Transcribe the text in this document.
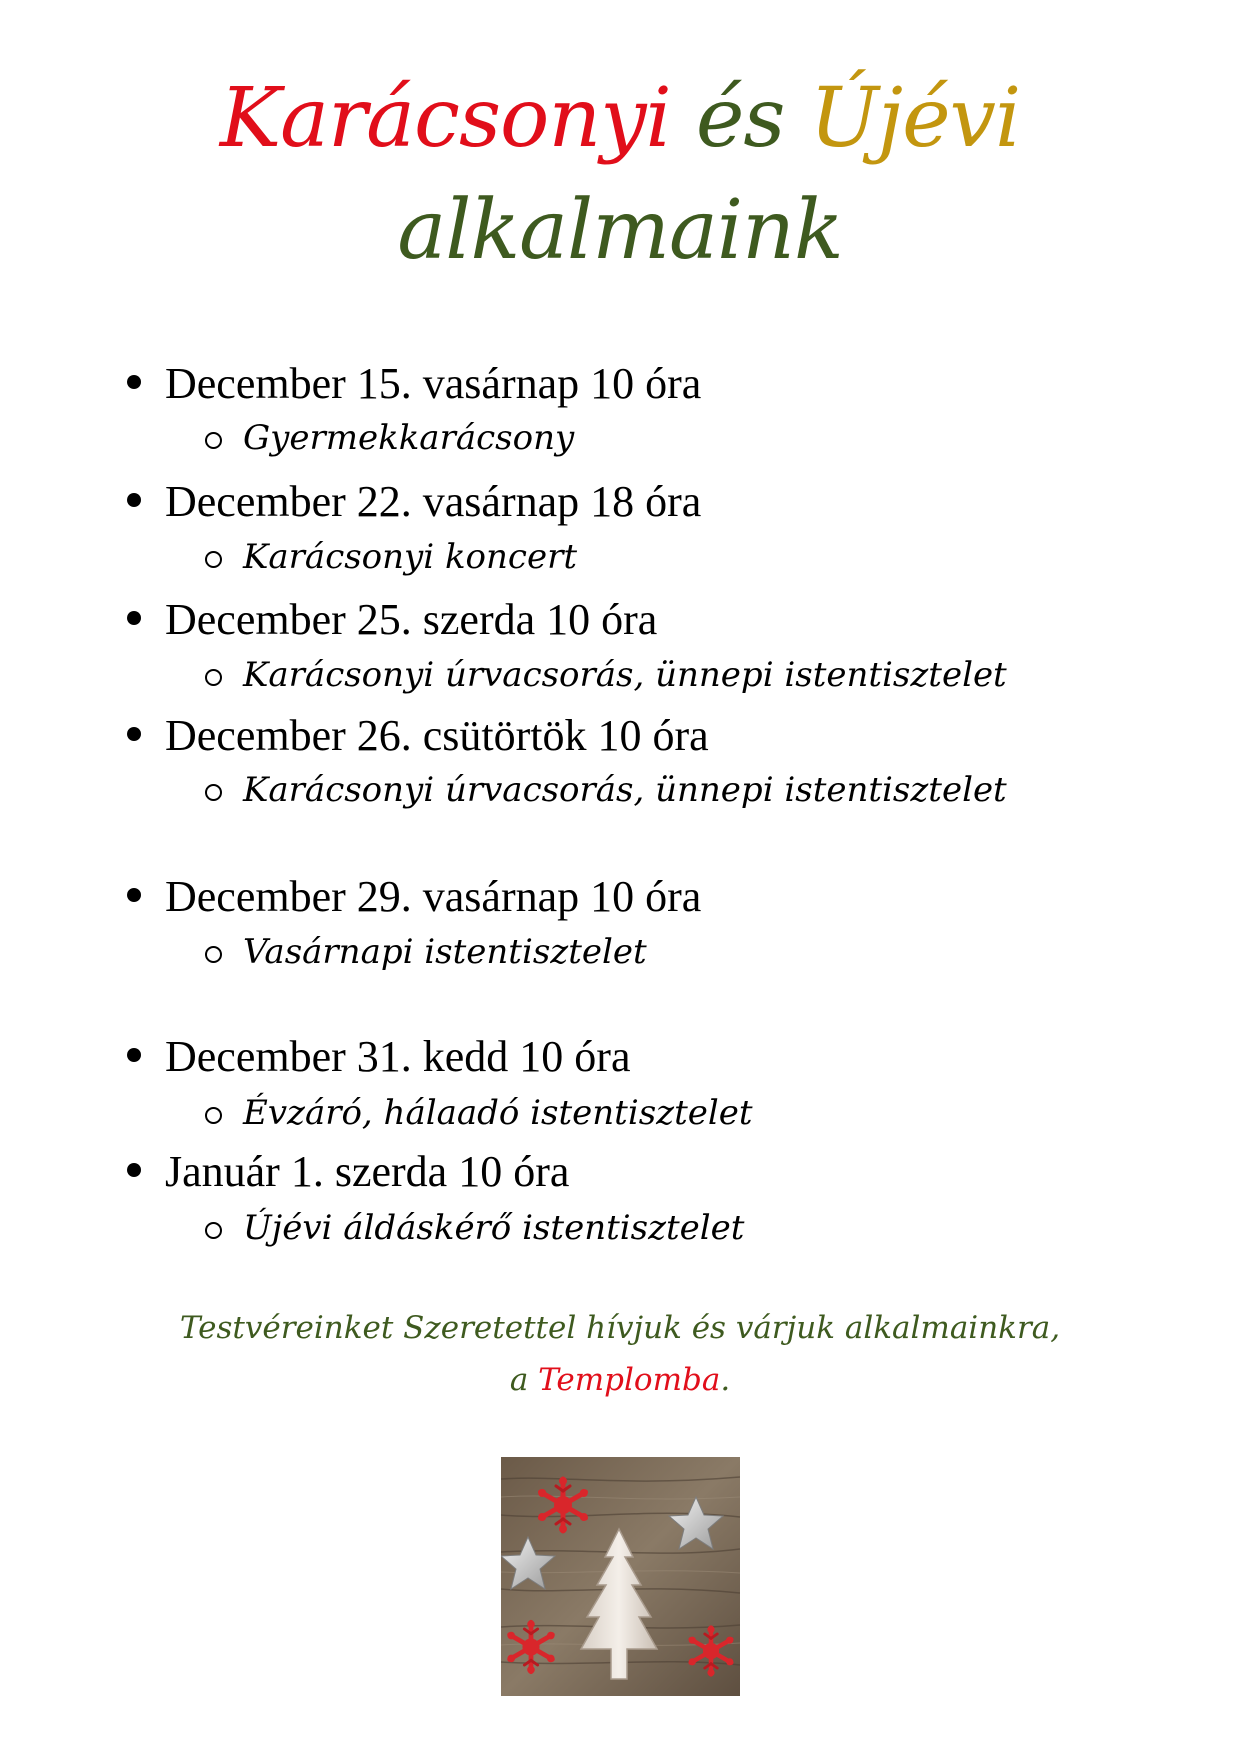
Karácsonyi és Újévi
alkalmaink
December 15. vasárnap 10 óra
Gyermekkarácsony
December 22. vasárnap 18 óra
Karácsonyi koncert
December 25. szerda 10 óra
Karácsonyi úrvacsorás, ünnepi istentisztelet
December 26. csütörtök 10 óra
Karácsonyi úrvacsorás, ünnepi istentisztelet
December 29. vasárnap 10 óra
Vasárnapi istentisztelet
December 31. kedd 10 óra
Évzáró, hálaadó istentisztelet
Január 1. szerda 10 óra
Újévi áldáskérő istentisztelet
Testvéreinket Szeretettel hívjuk és várjuk alkalmainkra,
a Templomba.
